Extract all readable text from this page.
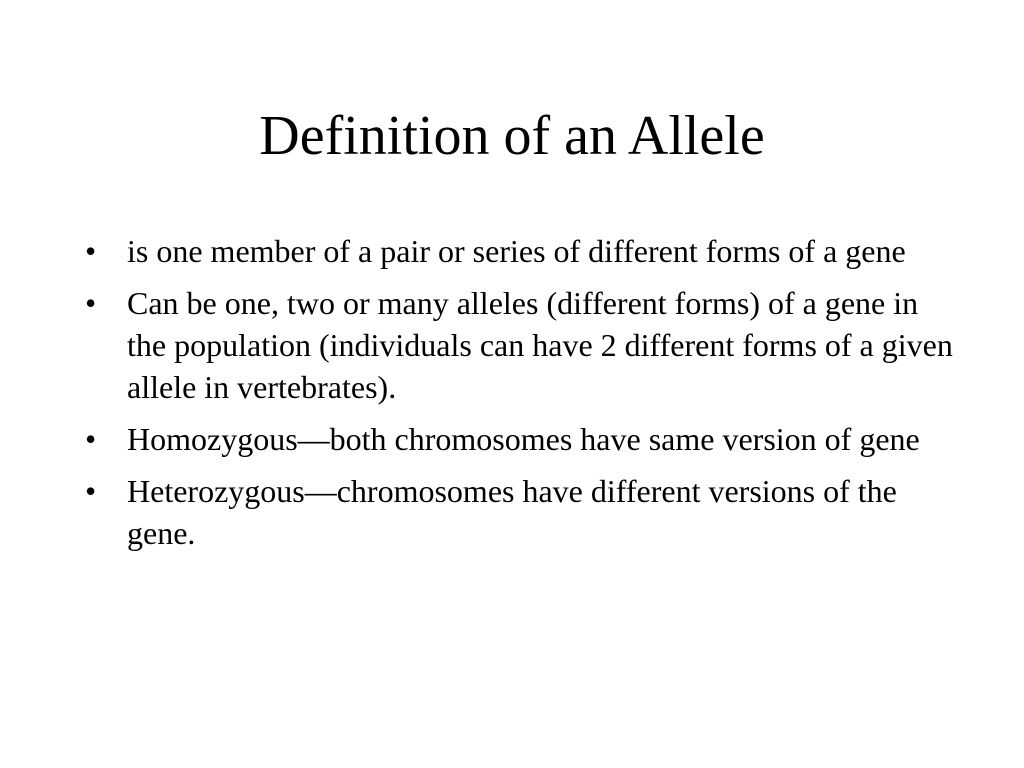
Definition of an Allele
• is one member of a pair or series of different forms of a gene
• Can be one, two or many alleles (different forms) of a gene in the population (individuals can have 2 different forms of a given allele in vertebrates).
• Homozygous—both chromosomes have same version of gene
• Heterozygous—chromosomes have different versions of the gene.
